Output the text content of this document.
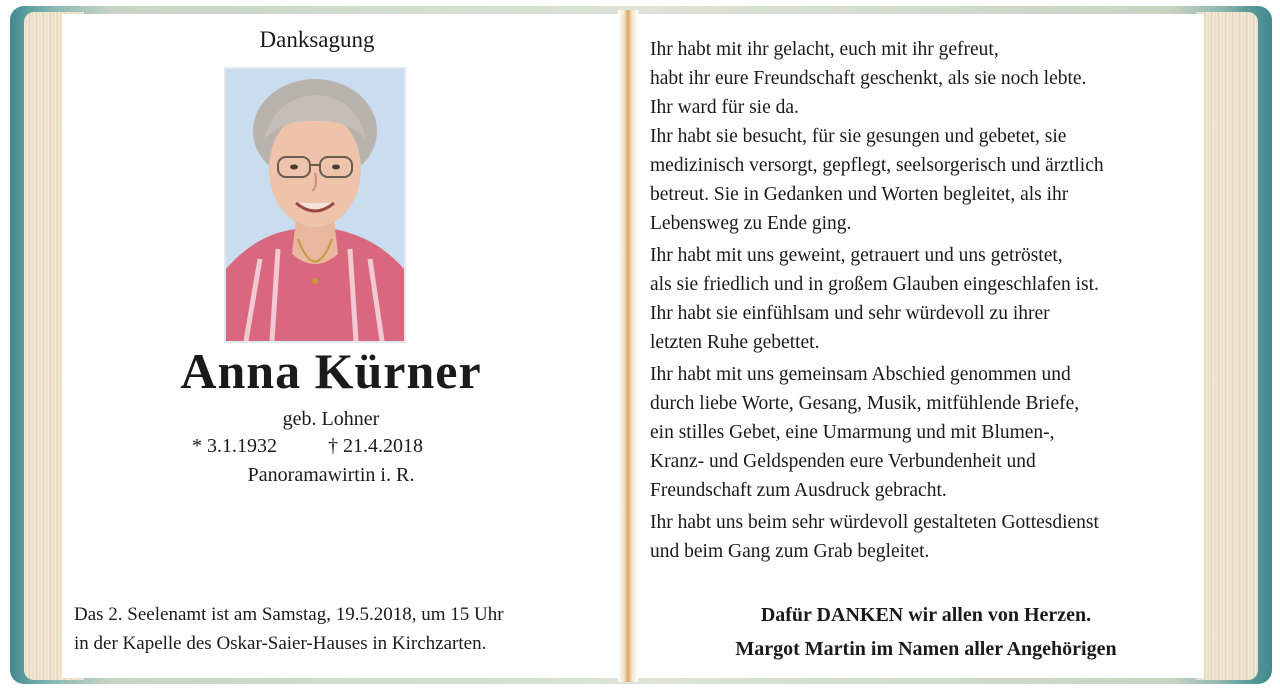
Danksagung
Anna Kürner
geb. Lohner
* 3.1.1932	† 21.4.2018
Panoramawirtin i. R.
Das 2. Seelenamt ist am Samstag, 19.5.2018, um 15 Uhr
in der Kapelle des Oskar-Saier-Hauses in Kirchzarten.
Ihr habt mit ihr gelacht, euch mit ihr gefreut,
habt ihr eure Freundschaft geschenkt, als sie noch lebte.
Ihr ward für sie da.
Ihr habt sie besucht, für sie gesungen und gebetet, sie
medizinisch versorgt, gepflegt, seelsorgerisch und ärztlich
betreut. Sie in Gedanken und Worten begleitet, als ihr
Lebensweg zu Ende ging.
Ihr habt mit uns geweint, getrauert und uns getröstet,
als sie friedlich und in großem Glauben eingeschlafen ist.
Ihr habt sie einfühlsam und sehr würdevoll zu ihrer
letzten Ruhe gebettet.
Ihr habt mit uns gemeinsam Abschied genommen und
durch liebe Worte, Gesang, Musik, mitfühlende Briefe,
ein stilles Gebet, eine Umarmung und mit Blumen-,
Kranz- und Geldspenden eure Verbundenheit und
Freundschaft zum Ausdruck gebracht.
Ihr habt uns beim sehr würdevoll gestalteten Gottesdienst
und beim Gang zum Grab begleitet.
Dafür DANKEN wir allen von Herzen.
Margot Martin im Namen aller Angehörigen
